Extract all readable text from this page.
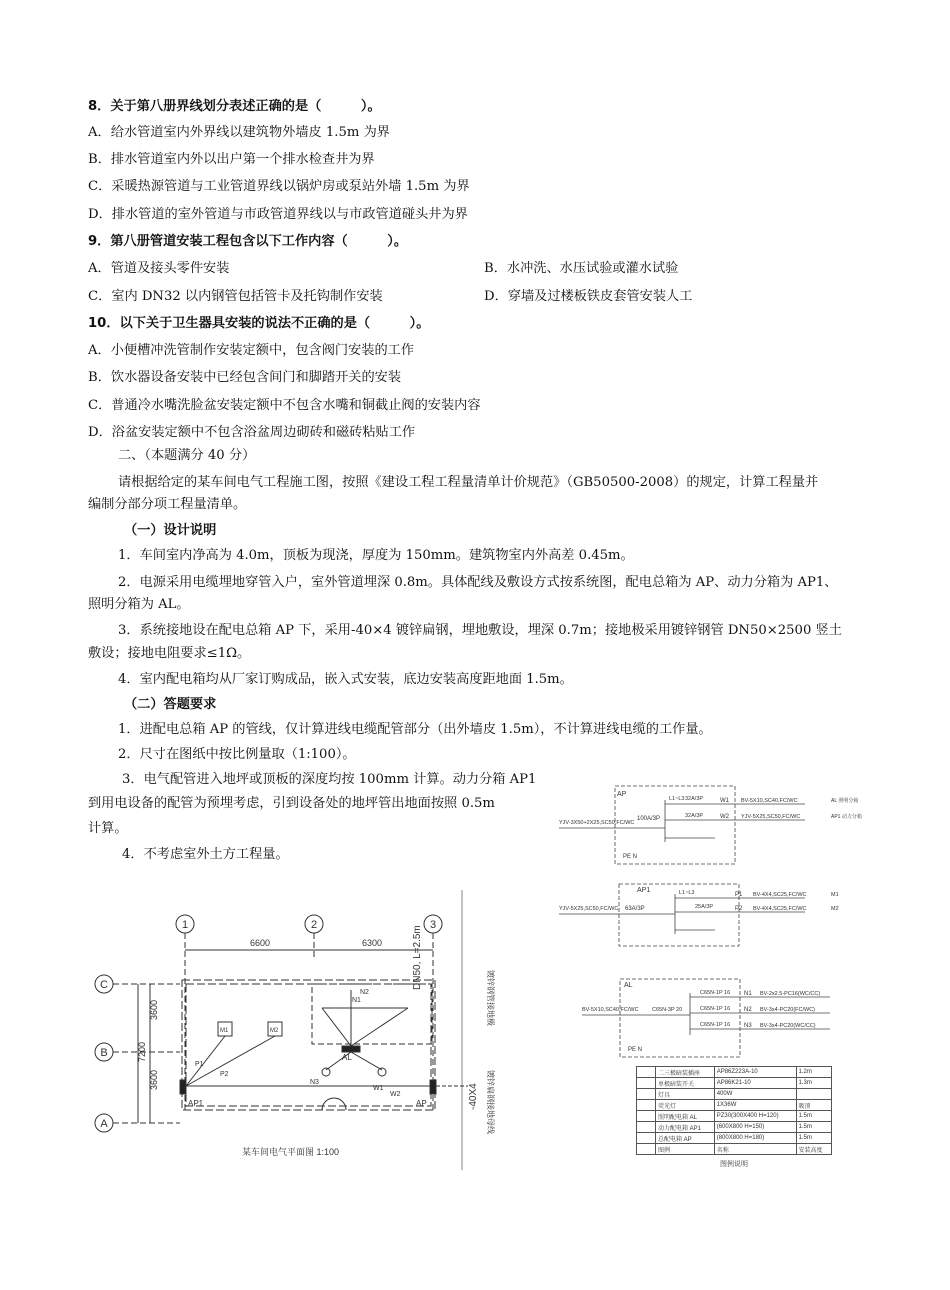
8．关于第八册界线划分表述正确的是（　　　）。
A．给水管道室内外界线以建筑物外墙皮 1.5m 为界
B．排水管道室内外以出户第一个排水检查井为界
C．采暖热源管道与工业管道界线以锅炉房或泵站外墙 1.5m 为界
D．排水管道的室外管道与市政管道界线以与市政管道碰头井为界
9．第八册管道安装工程包含以下工作内容（　　　）。
A．管道及接头零件安装	B．水冲洗、水压试验或灌水试验
C．室内 DN32 以内钢管包括管卡及托钩制作安装	D．穿墙及过楼板铁皮套管安装人工
10．以下关于卫生器具安装的说法不正确的是（　　　）。
A．小便槽冲洗管制作安装定额中，包含阀门安装的工作
B．饮水器设备安装中已经包含间门和脚踏开关的安装
C．普通冷水嘴洗脸盆安装定额中不包含水嘴和铜截止阀的安装内容
D．浴盆安装定额中不包含浴盆周边砌砖和磁砖粘贴工作
二、（本题满分 40 分）
请根据给定的某车间电气工程施工图，按照《建设工程工程量清单计价规范》（GB50500-2008）的规定，计算工程量并
编制分部分项工程量清单。
（一）设计说明
1．车间室内净高为 4.0m，顶板为现浇，厚度为 150mm。建筑物室内外高差 0.45m。
2．电源采用电缆埋地穿管入户，室外管道埋深 0.8m。具体配线及敷设方式按系统图，配电总箱为 AP、动力分箱为 AP1、
照明分箱为 AL。
3．系统接地设在配电总箱 AP 下，采用-40×4 镀锌扁钢，埋地敷设，埋深 0.7m；接地极采用镀锌钢管 DN50×2500 竖土
敷设；接地电阻要求≤1Ω。
4．室内配电箱均从厂家订购成品，嵌入式安装，底边安装高度距地面 1.5m。
（二）答题要求
1．进配电总箱 AP 的管线，仅计算进线电缆配管部分（出外墙皮 1.5m），不计算进线电缆的工作量。
2．尺寸在图纸中按比例量取（1:100）。
3．电气配管进入地坪或顶板的深度均按 100mm 计算。动力分箱 AP1
到用电设备的配管为预埋考虑，引到设备处的地坪管出地面按照 0.5m
计算。
4．不考虑室外土方工程量。
1	2	3
6600	6300
C
B
A
3600
3600
7200
AP1	AP
AL
M1	M2
W1
W2
N1
N2
N3
P1
P2
镀锌钢管接地极
DN50, L=2.5m
镀锌扁钢接地母线
-40X4
某车间电气平面图 1:100
AP
YJV-3X50+2X25,SC50,FC/WC
100A/3P
L1~L3 32A/3P
32A/3P
W1
W2
BV-5X10,SC40,FC/WC
YJV-5X25,SC50,FC/WC
AL 照明分箱
AP1 动力分箱
PE N
AP1
YJV-5X25,SC50,FC/WC 63A/3P
L1~L3
25A/3P
P1
P2
BV-4X4,SC25,FC/WC
BV-4X4,SC25,FC/WC
M1
M2
AL
BV-5X10,SC40,FC/WC C65N-3P 20
C65N-1P 16
C65N-1P 16
C65N-1P 16
N1
N2
N3
BV-2x2.5-PC16(WC/CC)
BV-3x4-PC20(FC/WC)
BV-3x4-PC20(WC/CC)
PE N
	二三极暗装插座	AP86Z223A-10	1.2m
	单极暗装开关	AP86K21-10	1.3m
	灯具	400W	
	荧光灯	1X36W	吸顶
	照明配电箱 AL	PZ30(300X400 H=120)	1.5m
	动力配电箱 AP1	(600X800 H=150)	1.5m
	总配电箱 AP	(800X800 H=180)	1.5m
	图例	名称	安装高度
图例说明
